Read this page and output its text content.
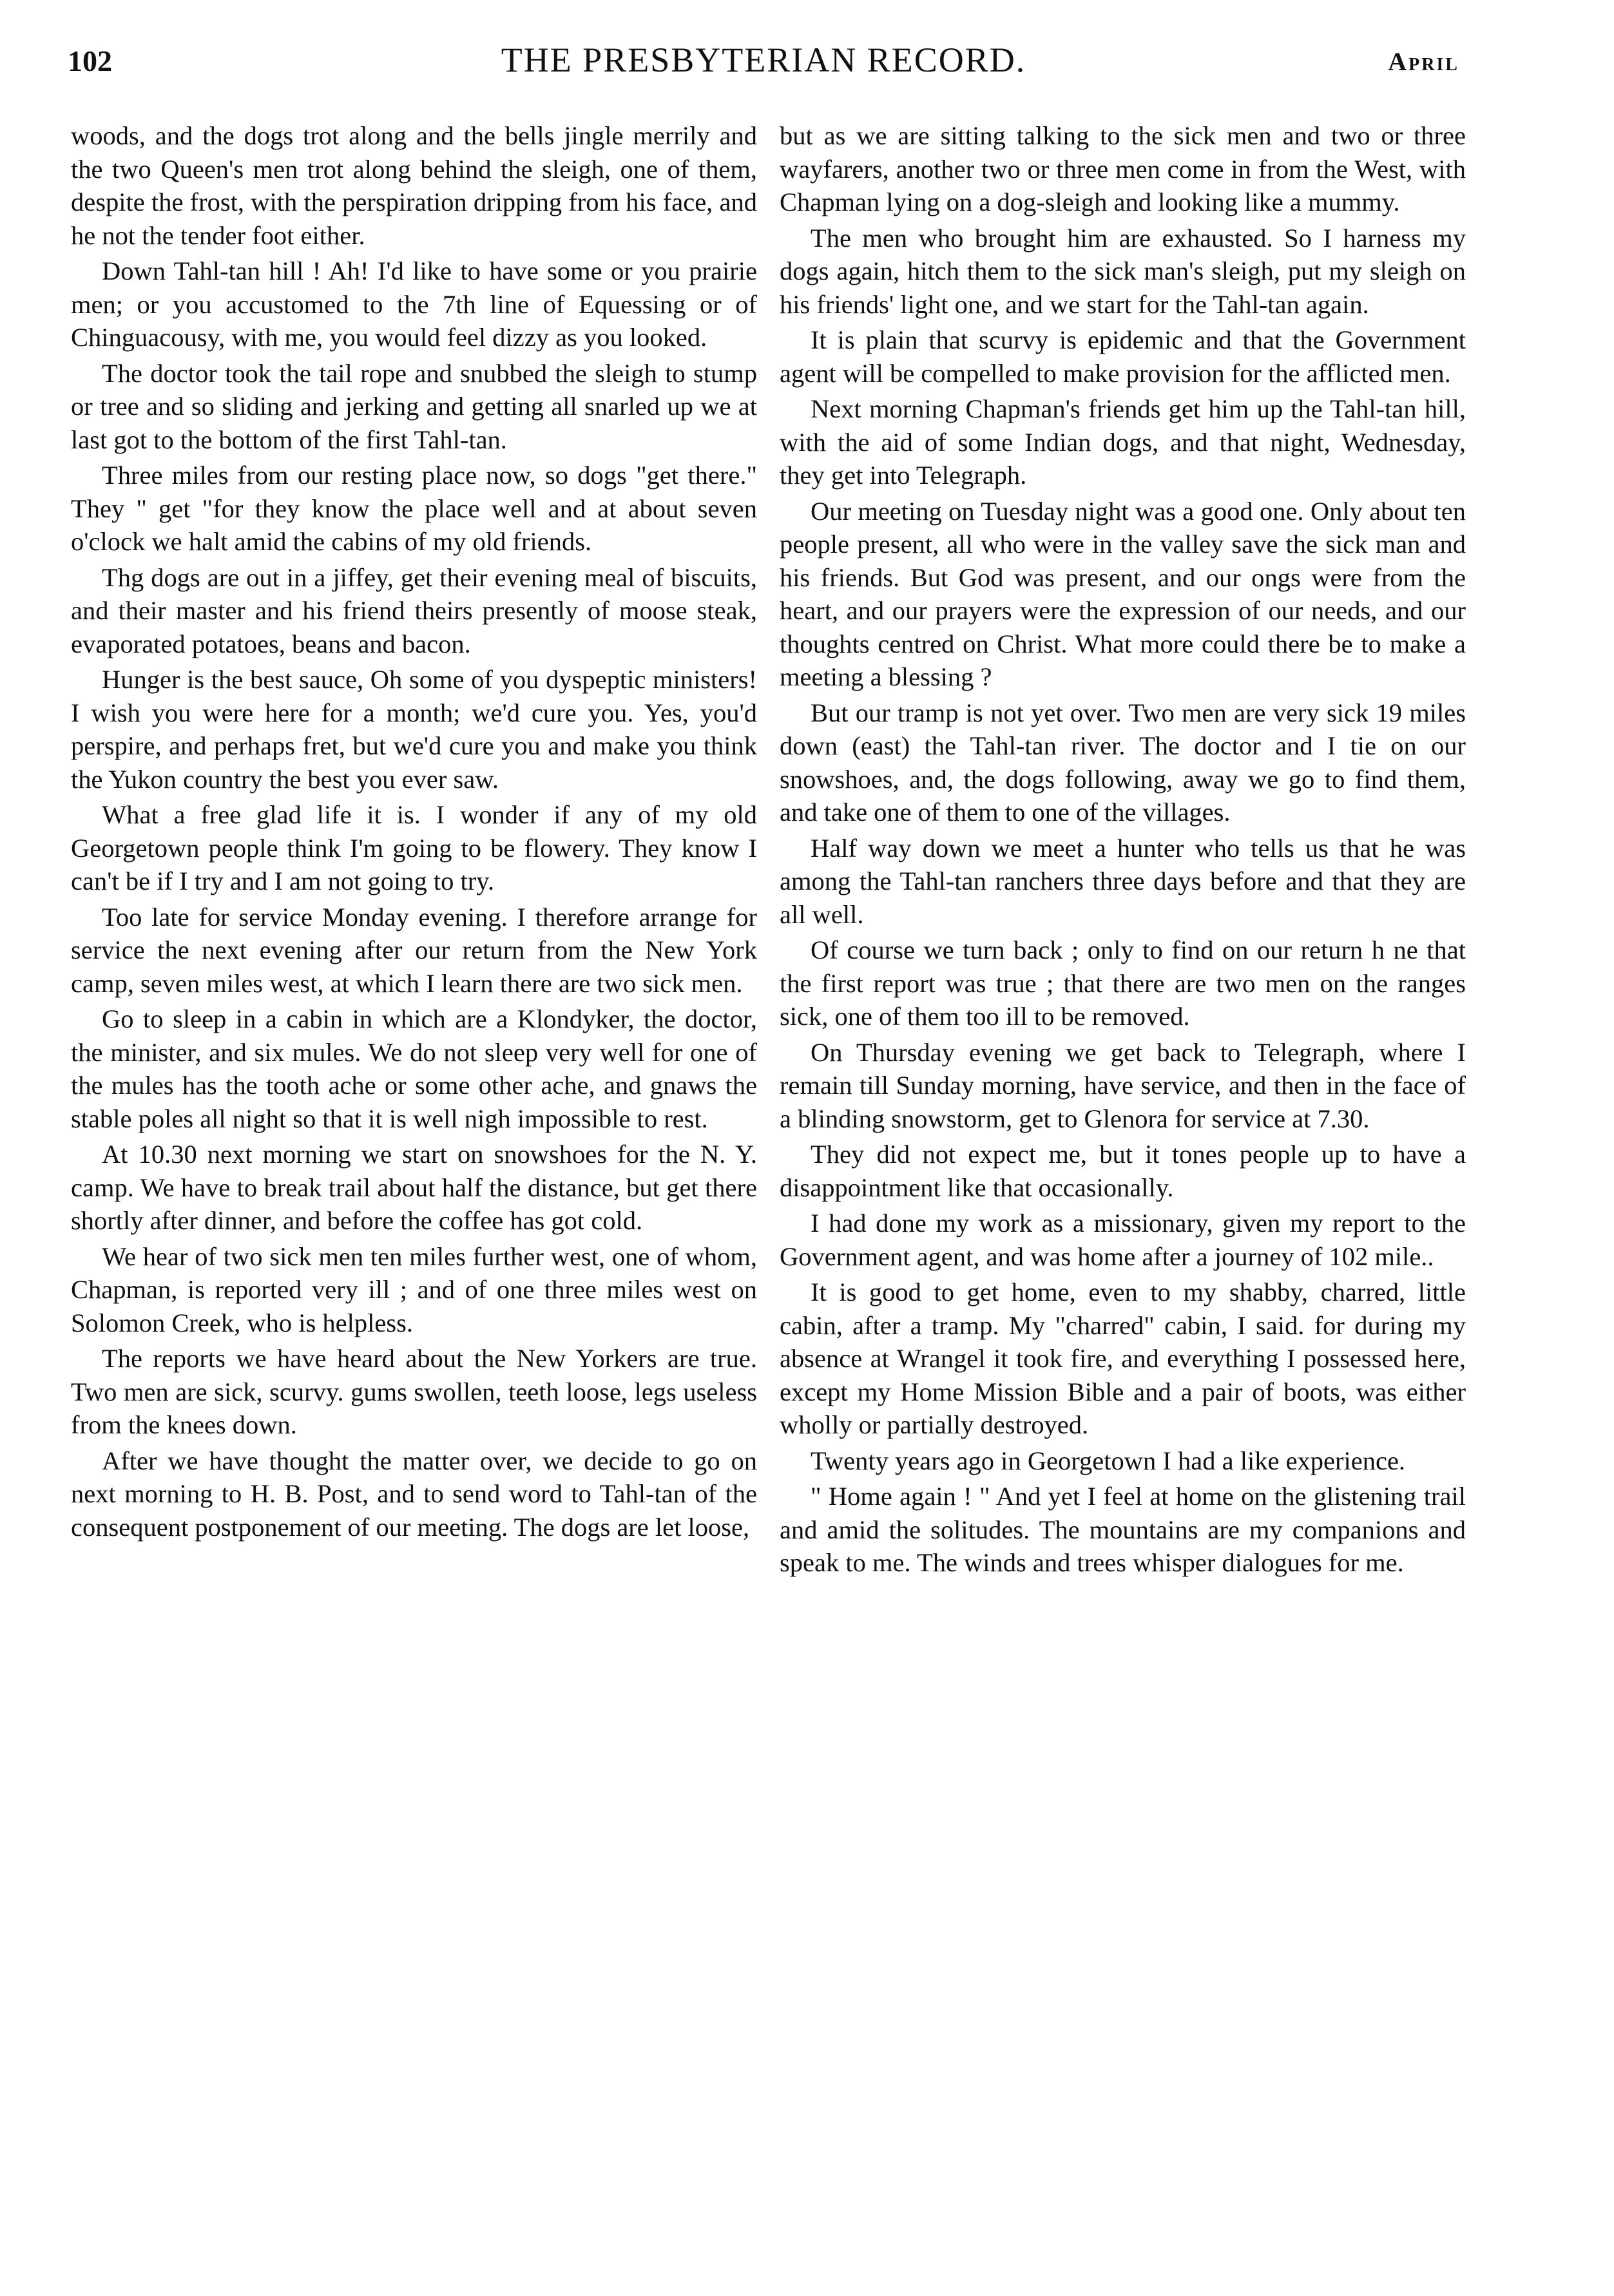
102	THE PRESBYTERIAN RECORD.	April

woods, and the dogs trot along and the bells jingle merrily and the two Queen's men trot along behind the sleigh, one of them, despite the frost, with the perspiration dripping from his face, and he not the tender foot either.

Down Tahl-tan hill ! Ah! I'd like to have some or you prairie men; or you accustomed to the 7th line of Equessing or of Chinguacousy, with me, you would feel dizzy as you looked.

The doctor took the tail rope and snubbed the sleigh to stump or tree and so sliding and jerking and getting all snarled up we at last got to the bottom of the first Tahl-tan.

Three miles from our resting place now, so dogs "get there." They " get "for they know the place well and at about seven o'clock we halt amid the cabins of my old friends.

Thg dogs are out in a jiffey, get their evening meal of biscuits, and their master and his friend theirs presently of moose steak, evaporated potatoes, beans and bacon.

Hunger is the best sauce, Oh some of you dyspeptic ministers! I wish you were here for a month; we'd cure you. Yes, you'd perspire, and perhaps fret, but we'd cure you and make you think the Yukon country the best you ever saw.

What a free glad life it is. I wonder if any of my old Georgetown people think I'm going to be flowery. They know I can't be if I try and I am not going to try.

Too late for service Monday evening. I therefore arrange for service the next evening after our return from the New York camp, seven miles west, at which I learn there are two sick men.

Go to sleep in a cabin in which are a Klondyker, the doctor, the minister, and six mules. We do not sleep very well for one of the mules has the tooth ache or some other ache, and gnaws the stable poles all night so that it is well nigh impossible to rest.

At 10.30 next morning we start on snowshoes for the N. Y. camp. We have to break trail about half the distance, but get there shortly after dinner, and before the coffee has got cold.

We hear of two sick men ten miles further west, one of whom, Chapman, is reported very ill ; and of one three miles west on Solomon Creek, who is helpless.

The reports we have heard about the New Yorkers are true. Two men are sick, scurvy. gums swollen, teeth loose, legs useless from the knees down.

After we have thought the matter over, we decide to go on next morning to H. B. Post, and to send word to Tahl-tan of the consequent postponement of our meeting. The dogs are let loose,

but as we are sitting talking to the sick men and two or three wayfarers, another two or three men come in from the West, with Chapman lying on a dog-sleigh and looking like a mummy.

The men who brought him are exhausted. So I harness my dogs again, hitch them to the sick man's sleigh, put my sleigh on his friends' light one, and we start for the Tahl-tan again.

It is plain that scurvy is epidemic and that the Government agent will be compelled to make provision for the afflicted men.

Next morning Chapman's friends get him up the Tahl-tan hill, with the aid of some Indian dogs, and that night, Wednesday, they get into Telegraph.

Our meeting on Tuesday night was a good one. Only about ten people present, all who were in the valley save the sick man and his friends. But God was present, and our ongs were from the heart, and our prayers were the expression of our needs, and our thoughts centred on Christ. What more could there be to make a meeting a blessing ?

But our tramp is not yet over. Two men are very sick 19 miles down (east) the Tahl-tan river. The doctor and I tie on our snowshoes, and, the dogs following, away we go to find them, and take one of them to one of the villages.

Half way down we meet a hunter who tells us that he was among the Tahl-tan ranchers three days before and that they are all well.

Of course we turn back ; only to find on our return h ne that the first report was true ; that there are two men on the ranges sick, one of them too ill to be removed.

On Thursday evening we get back to Telegraph, where I remain till Sunday morning, have service, and then in the face of a blinding snowstorm, get to Glenora for service at 7.30.

They did not expect me, but it tones people up to have a disappointment like that occasionally.

I had done my work as a missionary, given my report to the Government agent, and was home after a journey of 102 mile..

It is good to get home, even to my shabby, charred, little cabin, after a tramp. My "charred" cabin, I said. for during my absence at Wrangel it took fire, and everything I possessed here, except my Home Mission Bible and a pair of boots, was either wholly or partially destroyed.

Twenty years ago in Georgetown I had a like experience.

" Home again ! " And yet I feel at home on the glistening trail and amid the solitudes. The mountains are my companions and speak to me. The winds and trees whisper dialogues for me.
